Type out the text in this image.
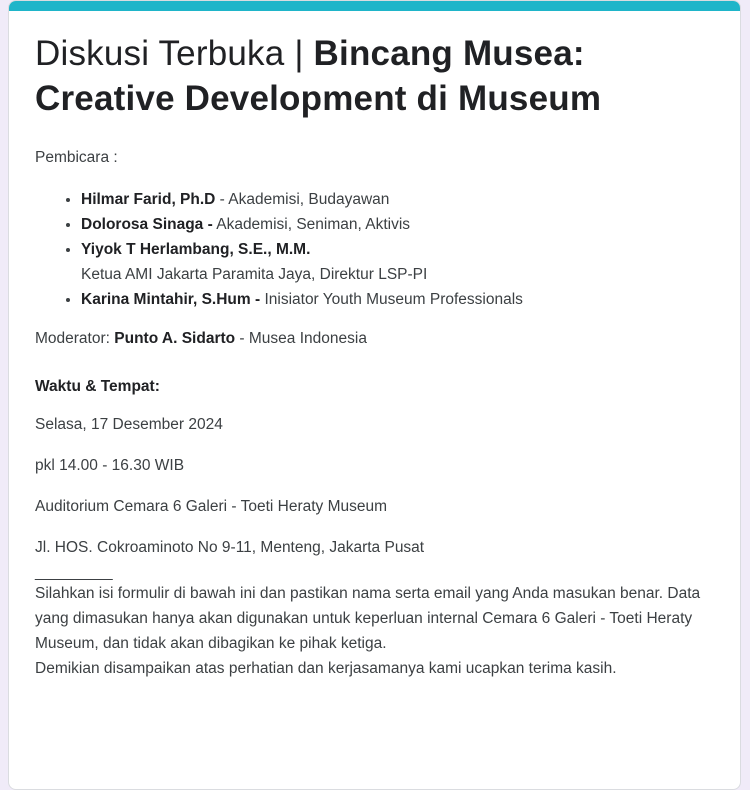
Diskusi Terbuka | Bincang Musea: Creative Development di Museum

Pembicara :

• Hilmar Farid, Ph.D - Akademisi, Budayawan
• Dolorosa Sinaga - Akademisi, Seniman, Aktivis
• Yiyok T Herlambang, S.E., M.M.
Ketua AMI Jakarta Paramita Jaya, Direktur LSP-PI
• Karina Mintahir, S.Hum - Inisiator Youth Museum Professionals

Moderator: Punto A. Sidarto - Musea Indonesia

Waktu & Tempat:

Selasa, 17 Desember 2024

pkl 14.00 - 16.30 WIB

Auditorium Cemara 6 Galeri - Toeti Heraty Museum

Jl. HOS. Cokroaminoto No 9-11, Menteng, Jakarta Pusat

_________

Silahkan isi formulir di bawah ini dan pastikan nama serta email yang Anda masukan benar. Data yang dimasukan hanya akan digunakan untuk keperluan internal Cemara 6 Galeri - Toeti Heraty Museum, dan tidak akan dibagikan ke pihak ketiga.

Demikian disampaikan atas perhatian dan kerjasamanya kami ucapkan terima kasih.
